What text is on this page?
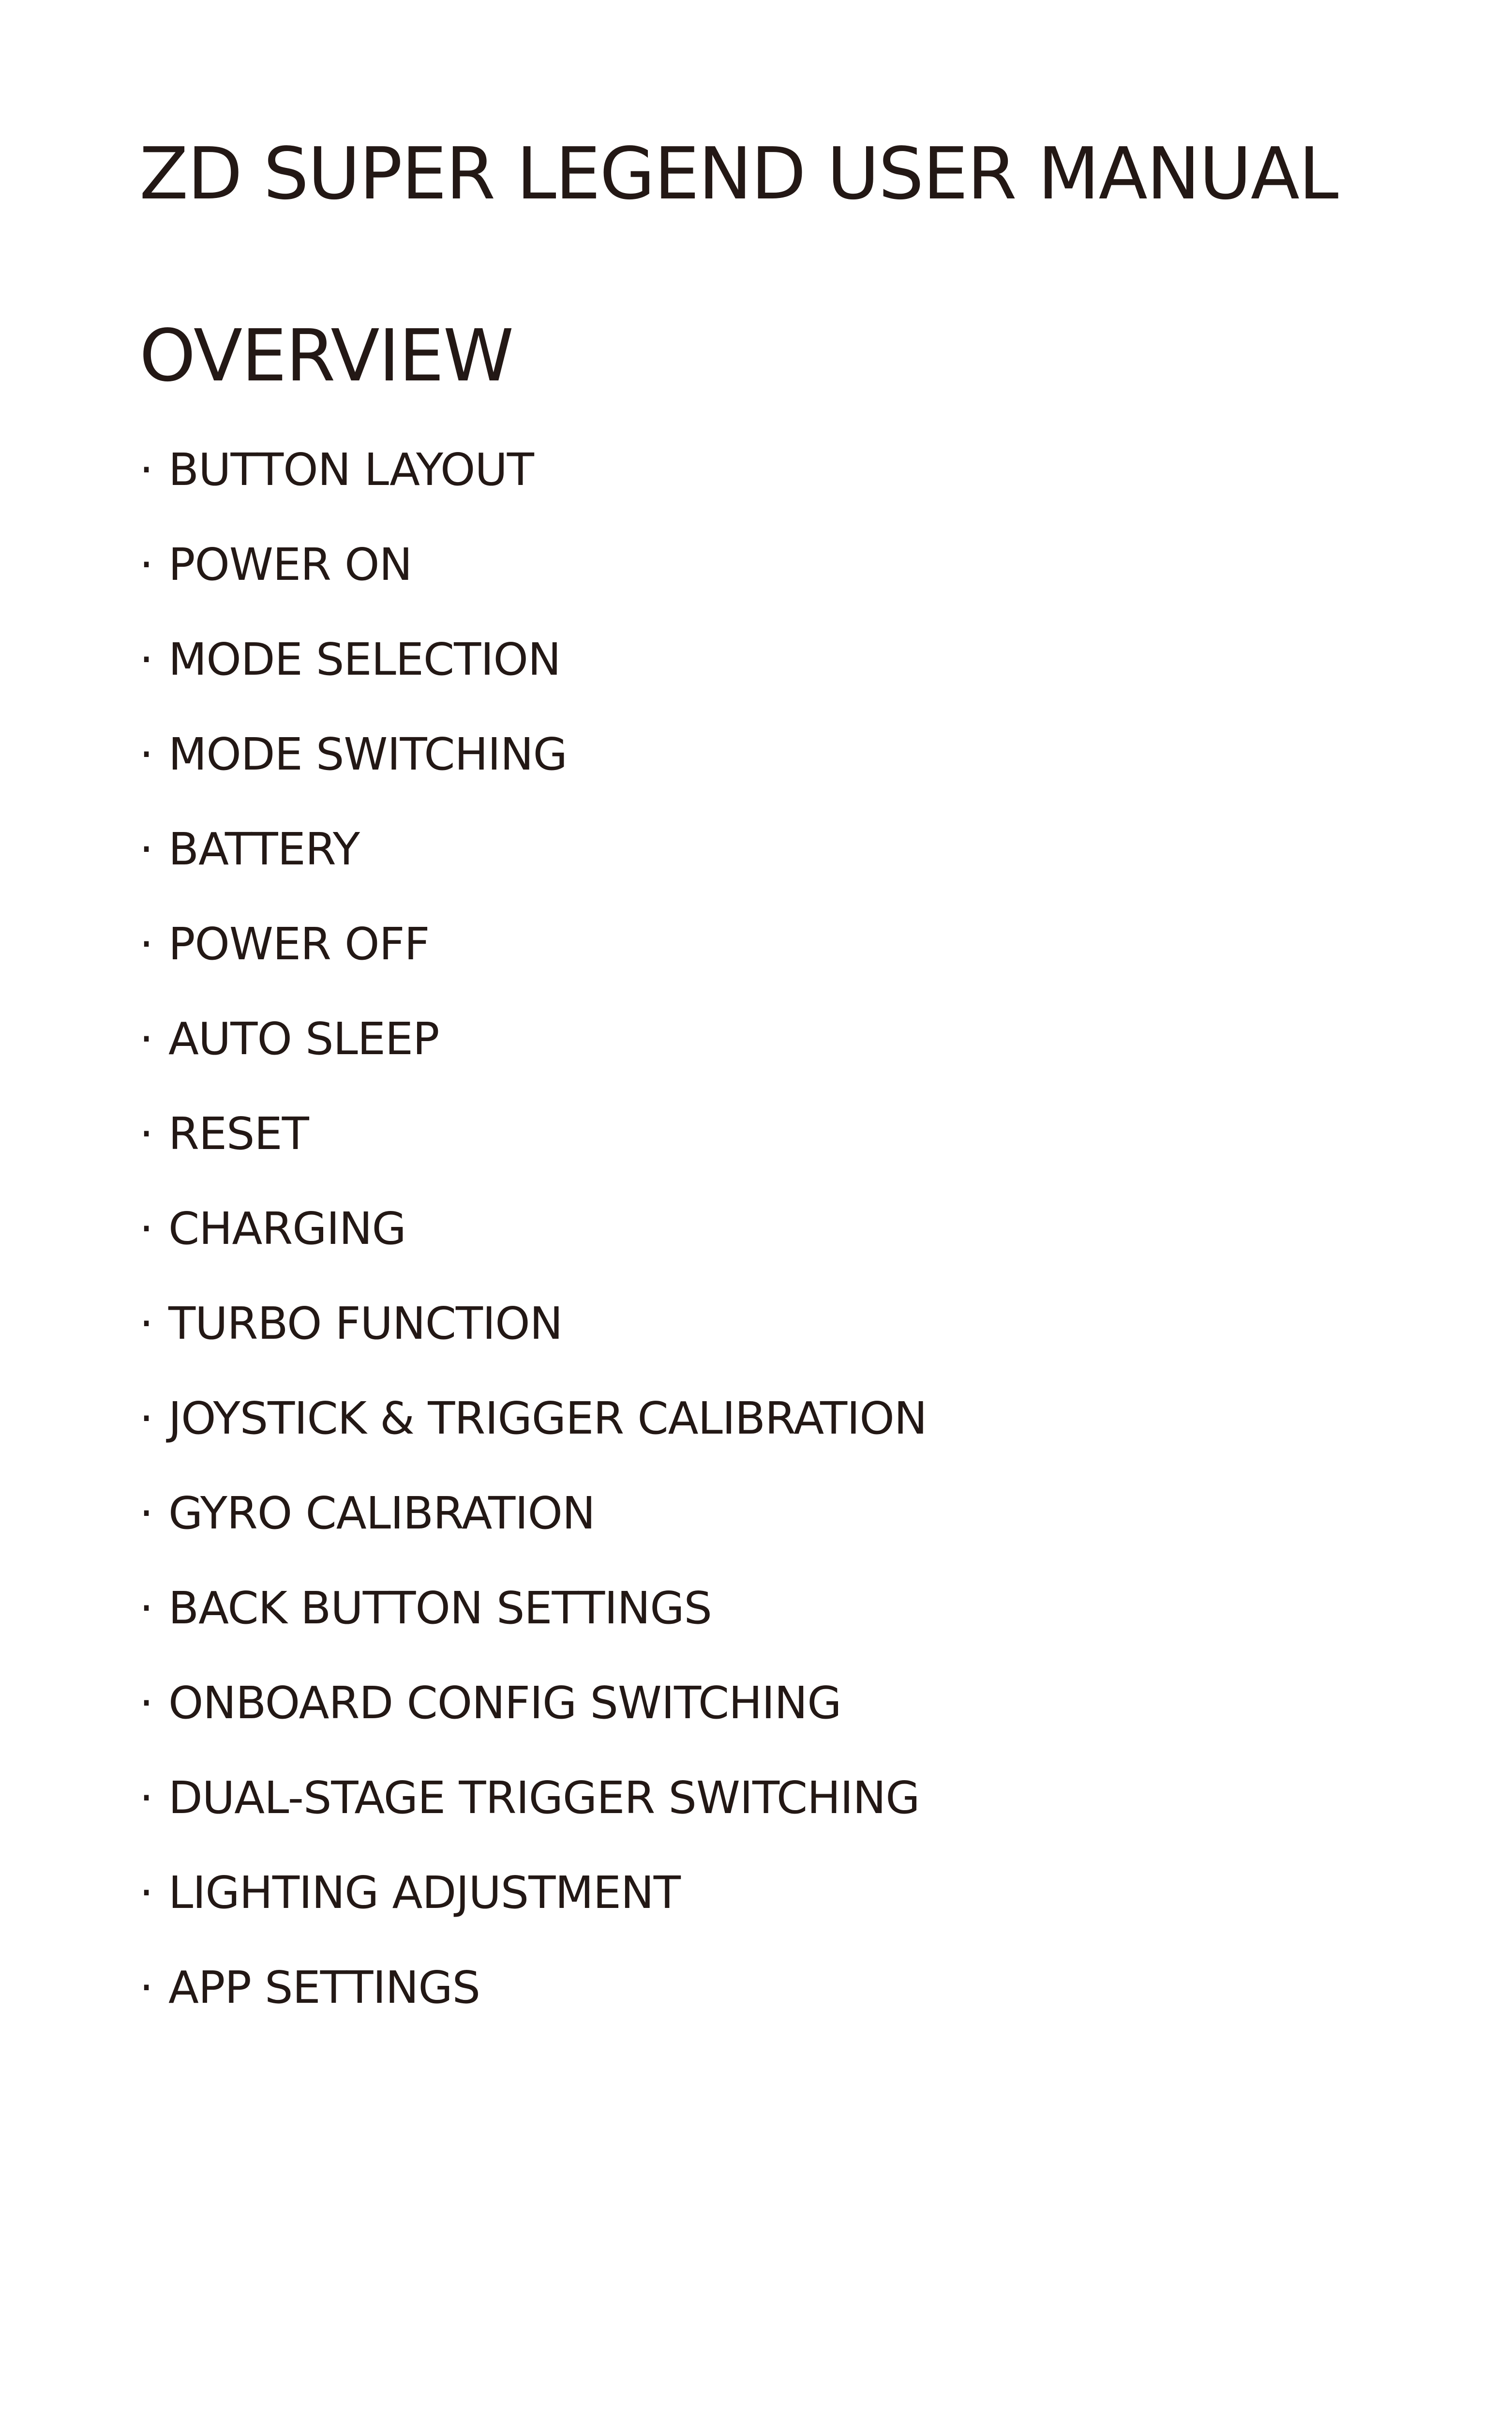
ZD SUPER LEGEND USER MANUAL
OVERVIEW
· BUTTON LAYOUT
· POWER ON
· MODE SELECTION
· MODE SWITCHING
· BATTERY
· POWER OFF
· AUTO SLEEP
· RESET
· CHARGING
· TURBO FUNCTION
· JOYSTICK & TRIGGER CALIBRATION
· GYRO CALIBRATION
· BACK BUTTON SETTINGS
· ONBOARD CONFIG SWITCHING
· DUAL-STAGE TRIGGER SWITCHING
· LIGHTING ADJUSTMENT
· APP SETTINGS
